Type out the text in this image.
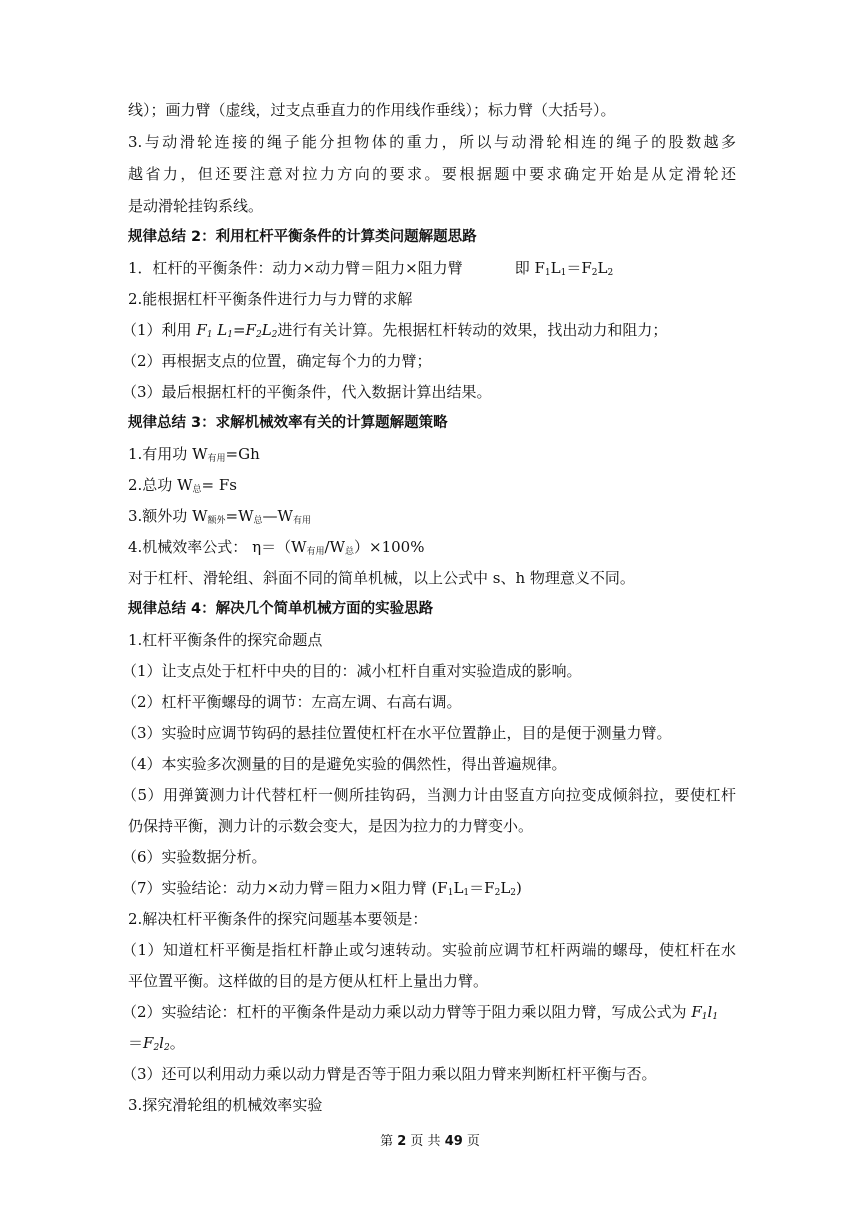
线）；画力臂（虚线，过支点垂直力的作用线作垂线）；标力臂（大括号）。
3.与动滑轮连接的绳子能分担物体的重力，所以与动滑轮相连的绳子的股数越多
越省力，但还要注意对拉力方向的要求。要根据题中要求确定开始是从定滑轮还
是动滑轮挂钩系线。
规律总结 2：利用杠杆平衡条件的计算类问题解题思路
1．杠杆的平衡条件：动力×动力臂＝阻力×阻力臂	即 $F_1L_1=F_2L_2$
2.能根据杠杆平衡条件进行力与力臂的求解
（1）利用 $F_1$ $L_1=F_2L_2$进行有关计算。先根据杠杆转动的效果，找出动力和阻力；
（2）再根据支点的位置，确定每个力的力臂；
（3）最后根据杠杆的平衡条件，代入数据计算出结果。
规律总结 3：求解机械效率有关的计算题解题策略
1.有用功 $W_{有用}=Gh$
2.总功 $W_总= Fs$
3.额外功 $W_{额外}=W_总—W_{有用}$
4.机械效率公式： $\eta=(W_{有用}/W_总)\times 100\%$
对于杠杆、滑轮组、斜面不同的简单机械，以上公式中 s、h 物理意义不同。
规律总结 4：解决几个简单机械方面的实验思路
1.杠杆平衡条件的探究命题点
（1）让支点处于杠杆中央的目的：减小杠杆自重对实验造成的影响。
（2）杠杆平衡螺母的调节：左高左调、右高右调。
（3）实验时应调节钩码的悬挂位置使杠杆在水平位置静止，目的是便于测量力臂。
（4）本实验多次测量的目的是避免实验的偶然性，得出普遍规律。
（5）用弹簧测力计代替杠杆一侧所挂钩码，当测力计由竖直方向拉变成倾斜拉，要使杠杆
仍保持平衡，测力计的示数会变大，是因为拉力的力臂变小。
（6）实验数据分析。
（7）实验结论：动力×动力臂＝阻力×阻力臂 $(F_1L_1=F_2L_2)$
2.解决杠杆平衡条件的探究问题基本要领是：
（1）知道杠杆平衡是指杠杆静止或匀速转动。实验前应调节杠杆两端的螺母，使杠杆在水
平位置平衡。这样做的目的是方便从杠杆上量出力臂。
（2）实验结论：杠杆的平衡条件是动力乘以动力臂等于阻力乘以阻力臂，写成公式为 $F_1l_1$
$=F_2l_2$。
（3）还可以利用动力乘以动力臂是否等于阻力乘以阻力臂来判断杠杆平衡与否。
3.探究滑轮组的机械效率实验
第 2 页 共 49 页
